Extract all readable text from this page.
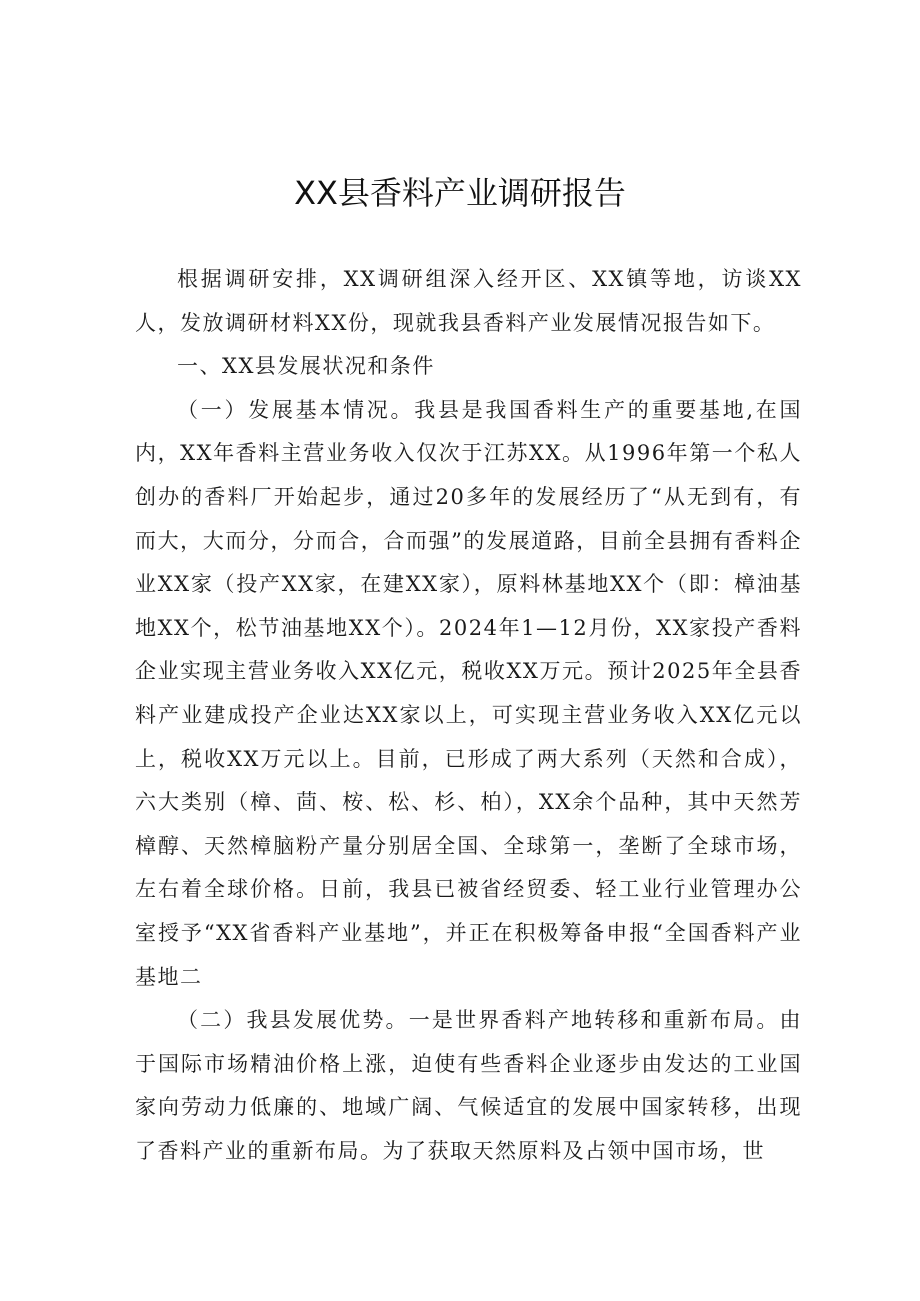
XX县香料产业调研报告

根据调研安排，XX调研组深入经开区、XX镇等地，访谈XX人，发放调研材料XX份，现就我县香料产业发展情况报告如下。

一、XX县发展状况和条件

（一）发展基本情况。我县是我国香料生产的重要基地,在国内，XX年香料主营业务收入仅次于江苏XX。从1996年第一个私人创办的香料厂开始起步，通过20多年的发展经历了“从无到有，有而大，大而分，分而合，合而强”的发展道路，目前全县拥有香料企业XX家（投产XX家，在建XX家），原料林基地XX个（即：樟油基地XX个，松节油基地XX个）。2024年1—12月份，XX家投产香料企业实现主营业务收入XX亿元，税收XX万元。预计2025年全县香料产业建成投产企业达XX家以上，可实现主营业务收入XX亿元以上，税收XX万元以上。目前，已形成了两大系列（天然和合成），六大类别（樟、茴、桉、松、杉、柏），XX余个品种，其中天然芳樟醇、天然樟脑粉产量分别居全国、全球第一，垄断了全球市场，左右着全球价格。日前，我县已被省经贸委、轻工业行业管理办公室授予“XX省香料产业基地”，并正在积极筹备申报“全国香料产业基地二

（二）我县发展优势。一是世界香料产地转移和重新布局。由于国际市场精油价格上涨，迫使有些香料企业逐步由发达的工业国家向劳动力低廉的、地域广阔、气候适宜的发展中国家转移，出现了香料产业的重新布局。为了获取天然原料及占领中国市场，世
